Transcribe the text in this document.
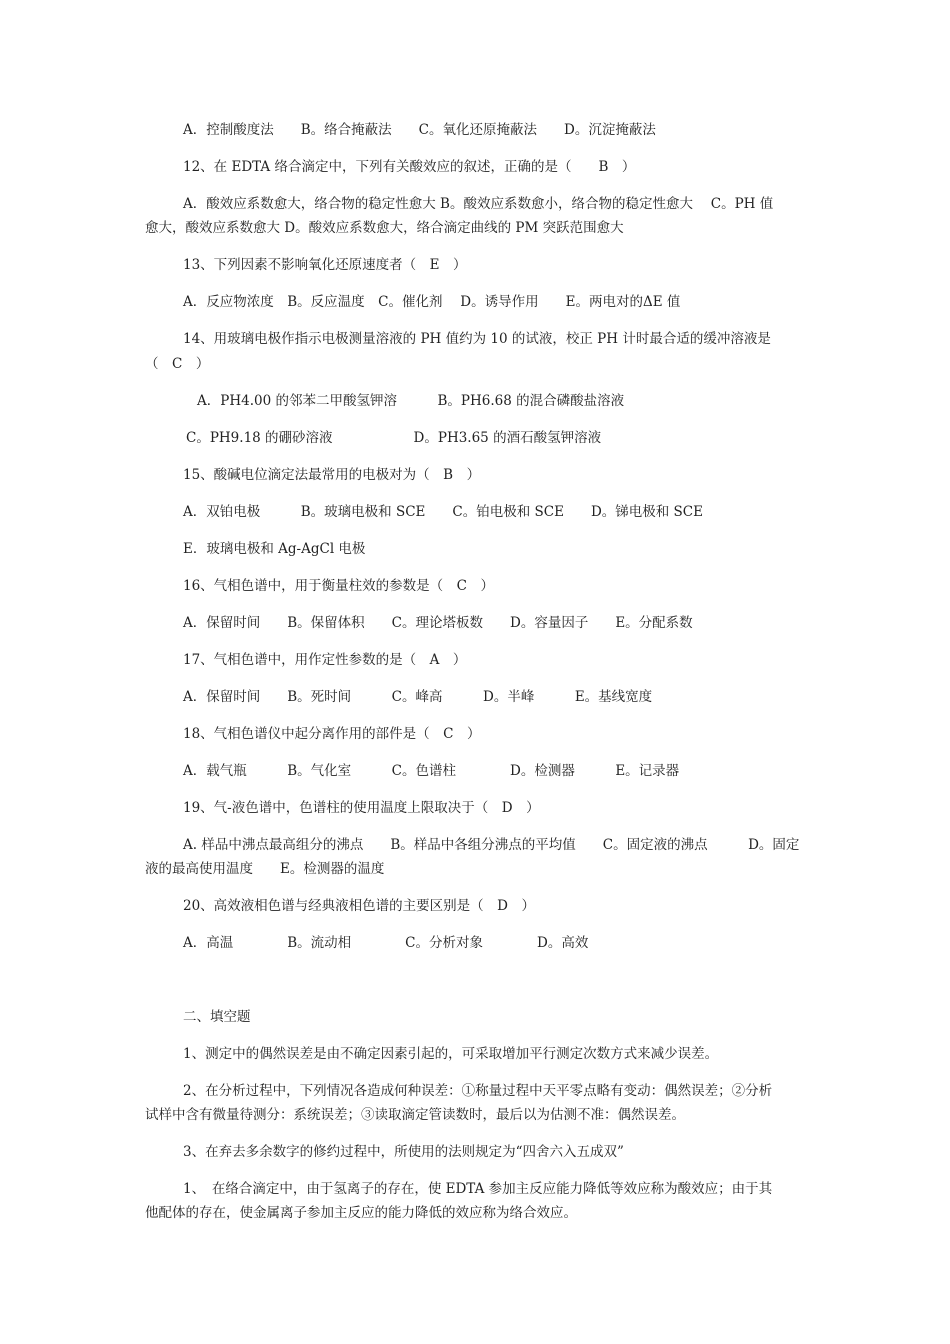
A．控制酸度法　　B。络合掩蔽法　　C。氧化还原掩蔽法　　D。沉淀掩蔽法
12、在 EDTA 络合滴定中，下列有关酸效应的叙述，正确的是（　　B　）
A．酸效应系数愈大，络合物的稳定性愈大 B。酸效应系数愈小，络合物的稳定性愈大　 C。PH 值
愈大，酸效应系数愈大 D。酸效应系数愈大，络合滴定曲线的 PM 突跃范围愈大
13、下列因素不影响氧化还原速度者（　E　）
A．反应物浓度　B。反应温度　C。催化剂　 D。诱导作用　　E。两电对的ΔE 值
14、用玻璃电极作指示电极测量溶液的 PH 值约为 10 的试液，校正 PH 计时最合适的缓冲溶液是
（　C　）
A．PH4.00 的邻苯二甲酸氢钾溶　　　B。PH6.68 的混合磷酸盐溶液
C。PH9.18 的硼砂溶液　　　　　　D。PH3.65 的酒石酸氢钾溶液
15、酸碱电位滴定法最常用的电极对为（　B　）
A．双铂电极　　　B。玻璃电极和 SCE　　C。铂电极和 SCE　　D。锑电极和 SCE
E．玻璃电极和 Ag-AgCl 电极
16、气相色谱中，用于衡量柱效的参数是（　C　）
A．保留时间　　B。保留体积　　C。理论塔板数　　D。容量因子　　E。分配系数
17、气相色谱中，用作定性参数的是（　A　）
A．保留时间　　B。死时间　　　C。峰高　　　D。半峰　　　E。基线宽度
18、气相色谱仪中起分离作用的部件是（　C　）
A．载气瓶　　　B。气化室　　　C。色谱柱　　　　D。检测器　　　E。记录器
19、气-液色谱中，色谱柱的使用温度上限取决于（　D　）
A. 样品中沸点最高组分的沸点　　B。样品中各组分沸点的平均值　　C。固定液的沸点　　　D。固定
液的最高使用温度　　E。检测器的温度
20、高效液相色谱与经典液相色谱的主要区别是（　D　）
A．高温　　　　B。流动相　　　　C。分析对象　　　　D。高效
二、填空题
1、测定中的偶然误差是由不确定因素引起的，可采取增加平行测定次数方式来减少误差。
2、在分析过程中，下列情况各造成何种误差：①称量过程中天平零点略有变动：偶然误差；②分析
试样中含有微量待测分：系统误差；③读取滴定管读数时，最后以为估测不准：偶然误差。
3、在弃去多余数字的修约过程中，所使用的法则规定为“四舍六入五成双”
1、　在络合滴定中，由于氢离子的存在，使 EDTA 参加主反应能力降低等效应称为酸效应；由于其
他配体的存在，使金属离子参加主反应的能力降低的效应称为络合效应。
